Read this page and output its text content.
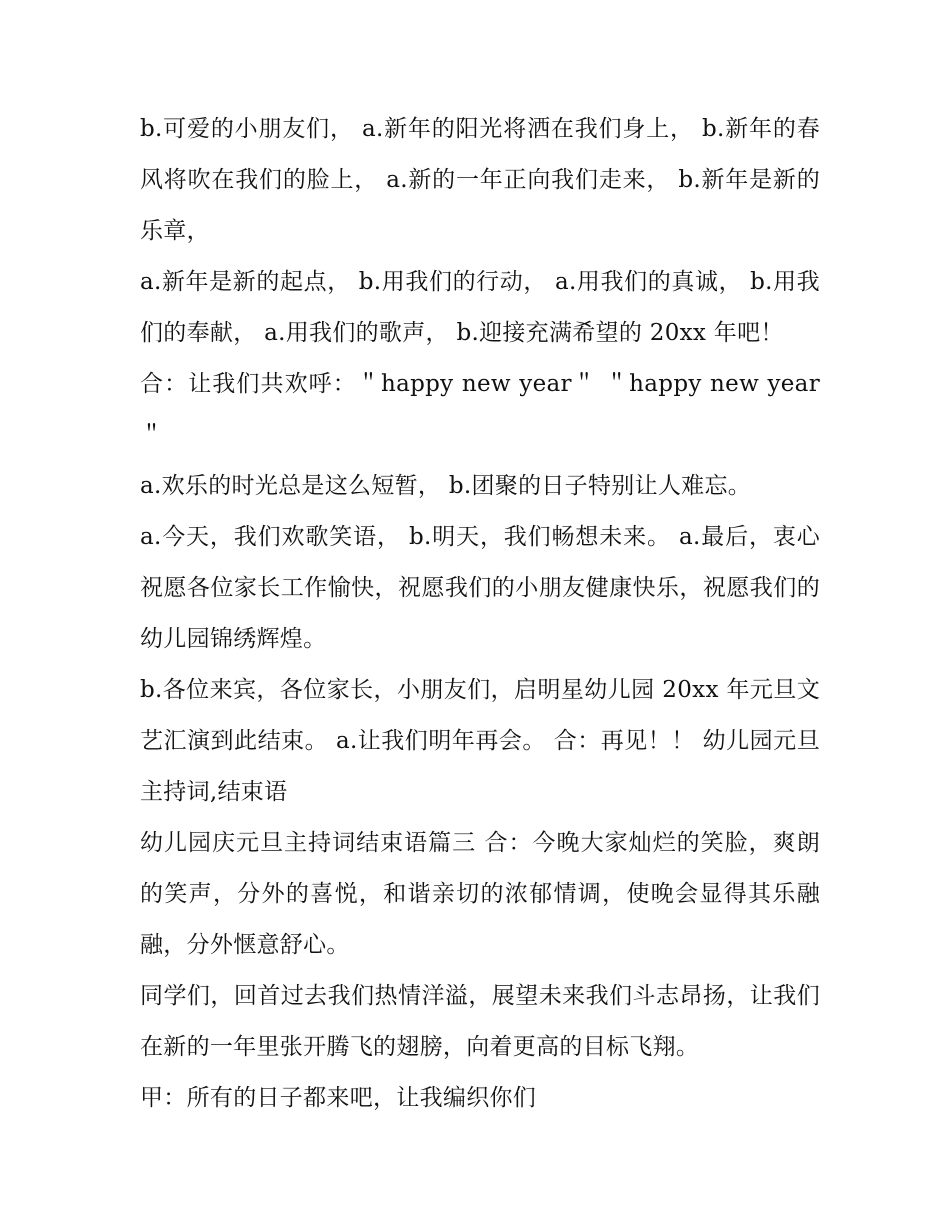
b.可爱的小朋友们， a.新年的阳光将洒在我们身上， b.新年的春风将吹在我们的脸上， a.新的一年正向我们走来， b.新年是新的乐章，

a.新年是新的起点， b.用我们的行动， a.用我们的真诚， b.用我们的奉献， a.用我们的歌声， b.迎接充满希望的 20xx 年吧！

合：让我们共欢呼：＂happy new year＂ ＂happy new year＂

a.欢乐的时光总是这么短暂， b.团聚的日子特别让人难忘。

a.今天，我们欢歌笑语， b.明天，我们畅想未来。 a.最后，衷心祝愿各位家长工作愉快，祝愿我们的小朋友健康快乐，祝愿我们的幼儿园锦绣辉煌。

b.各位来宾，各位家长，小朋友们，启明星幼儿园 20xx 年元旦文艺汇演到此结束。 a.让我们明年再会。 合：再见！！ 幼儿园元旦主持词,结束语

幼儿园庆元旦主持词结束语篇三 合：今晚大家灿烂的笑脸，爽朗的笑声，分外的喜悦，和谐亲切的浓郁情调，使晚会显得其乐融融，分外惬意舒心。

同学们，回首过去我们热情洋溢，展望未来我们斗志昂扬，让我们在新的一年里张开腾飞的翅膀，向着更高的目标飞翔。

甲：所有的日子都来吧，让我编织你们
